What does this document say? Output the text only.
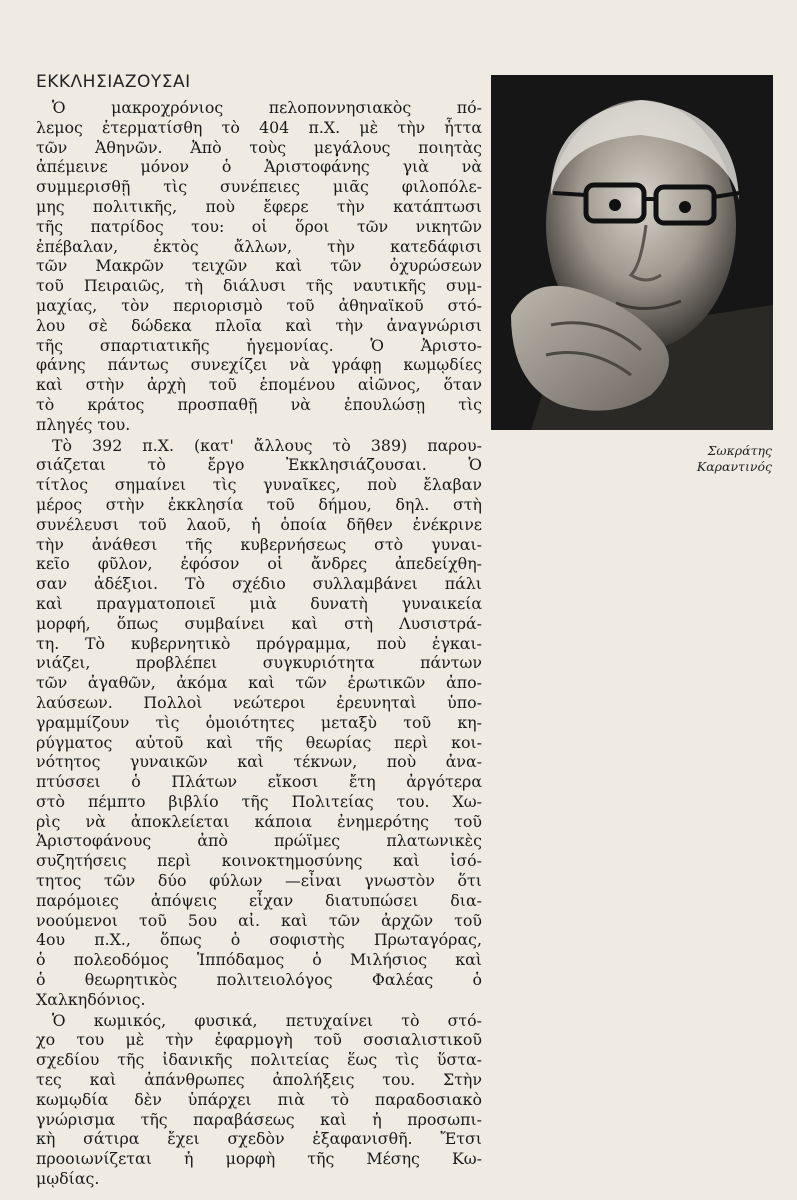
ΕΚΚΛΗΣΙΑΖΟΥΣΑΙ
Ὁ μακροχρόνιος πελοποννησιακὸς πό-
λεμος ἐτερματίσθη τὸ 404 π.Χ. μὲ τὴν ἧττα
τῶν Ἀθηνῶν. Ἀπὸ τοὺς μεγάλους ποιητὰς
ἀπέμεινε μόνον ὁ Ἀριστοφάνης γιὰ νὰ
συμμερισθῇ τὶς συνέπειες μιᾶς φιλοπόλε-
μης πολιτικῆς, ποὺ ἔφερε τὴν κατάπτωσι
τῆς πατρίδος του: οἱ ὅροι τῶν νικητῶν
ἐπέβαλαν, ἐκτὸς ἄλλων, τὴν κατεδάφισι
τῶν Μακρῶν τειχῶν καὶ τῶν ὀχυρώσεων
τοῦ Πειραιῶς, τὴ διάλυσι τῆς ναυτικῆς συμ-
μαχίας, τὸν περιορισμὸ τοῦ ἀθηναϊκοῦ στό-
λου σὲ δώδεκα πλοῖα καὶ τὴν ἀναγνώρισι
τῆς σπαρτιατικῆς ἡγεμονίας. Ὁ Ἀριστο-
φάνης πάντως συνεχίζει νὰ γράφῃ κωμῳδίες
καὶ στὴν ἀρχὴ τοῦ ἑπομένου αἰῶνος, ὅταν
τὸ κράτος προσπαθῇ νὰ ἐπουλώσῃ τὶς
πληγές του.
Τὸ 392 π.Χ. (κατ' ἄλλους τὸ 389) παρου-
σιάζεται τὸ ἔργο Ἐκκλησιάζουσαι. Ὁ
τίτλος σημαίνει τὶς γυναῖκες, ποὺ ἔλαβαν
μέρος στὴν ἐκκλησία τοῦ δήμου, δηλ. στὴ
συνέλευσι τοῦ λαοῦ, ἡ ὁποία δῆθεν ἐνέκρινε
τὴν ἀνάθεσι τῆς κυβερνήσεως στὸ γυναι-
κεῖο φῦλον, ἐφόσον οἱ ἄνδρες ἀπεδείχθη-
σαν ἀδέξιοι. Τὸ σχέδιο συλλαμβάνει πάλι
καὶ πραγματοποιεῖ μιὰ δυνατὴ γυναικεία
μορφή, ὅπως συμβαίνει καὶ στὴ Λυσιστρά-
τη. Τὸ κυβερνητικὸ πρόγραμμα, ποὺ ἐγκαι-
νιάζει, προβλέπει συγκυριότητα πάντων
τῶν ἀγαθῶν, ἀκόμα καὶ τῶν ἐρωτικῶν ἀπο-
λαύσεων. Πολλοὶ νεώτεροι ἐρευνηταὶ ὑπο-
γραμμίζουν τὶς ὁμοιότητες μεταξὺ τοῦ κη-
ρύγματος αὐτοῦ καὶ τῆς θεωρίας περὶ κοι-
νότητος γυναικῶν καὶ τέκνων, ποὺ ἀνα-
πτύσσει ὁ Πλάτων εἴκοσι ἔτη ἀργότερα
στὸ πέμπτο βιβλίο τῆς Πολιτείας του. Χω-
ρὶς νὰ ἀποκλείεται κάποια ἐνημερότης τοῦ
Ἀριστοφάνους ἀπὸ πρώϊμες πλατωνικὲς
συζητήσεις περὶ κοινοκτημοσύνης καὶ ἰσό-
τητος τῶν δύο φύλων —εἶναι γνωστὸν ὅτι
παρόμοιες ἀπόψεις εἶχαν διατυπώσει δια-
νοούμενοι τοῦ 5ου αἰ. καὶ τῶν ἀρχῶν τοῦ
4ου π.Χ., ὅπως ὁ σοφιστὴς Πρωταγόρας,
ὁ πολεοδόμος Ἱππόδαμος ὁ Μιλήσιος καὶ
ὁ θεωρητικὸς πολιτειολόγος Φαλέας ὁ
Χαλκηδόνιος.
Ὁ κωμικός, φυσικά, πετυχαίνει τὸ στό-
χο του μὲ τὴν ἐφαρμογὴ τοῦ σοσιαλιστικοῦ
σχεδίου τῆς ἰδανικῆς πολιτείας ἕως τὶς ὕστα-
τες καὶ ἀπάνθρωπες ἀπολήξεις του. Στὴν
κωμῳδία δὲν ὑπάρχει πιὰ τὸ παραδοσιακὸ
γνώρισμα τῆς παραβάσεως καὶ ἡ προσωπι-
κὴ σάτιρα ἔχει σχεδὸν ἐξαφανισθῆ. Ἔτσι
προοιωνίζεται ἡ μορφὴ τῆς Μέσης Κω-
μῳδίας.
Σωκράτης
Καραντινός
